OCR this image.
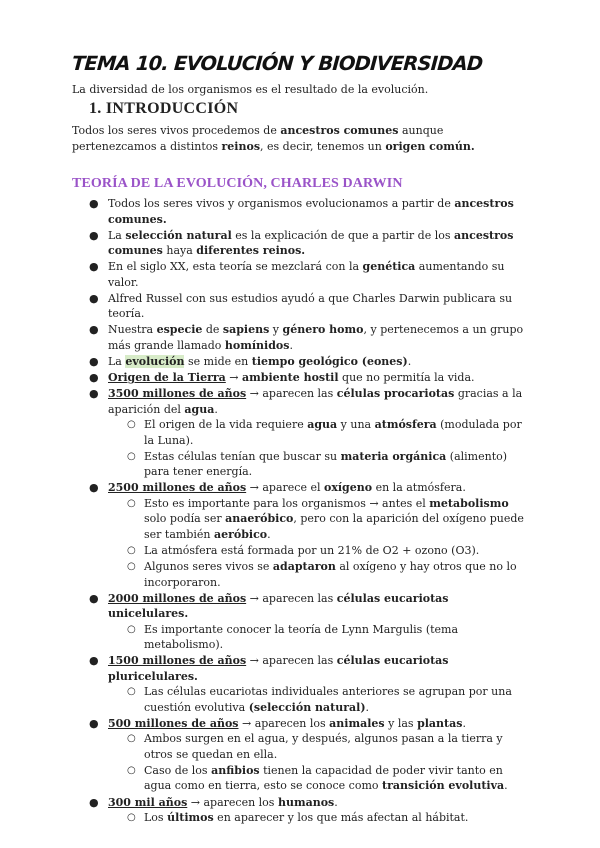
TEMA 10. EVOLUCIÓN Y BIODIVERSIDAD

La diversidad de los organismos es el resultado de la evolución.

1. INTRODUCCIÓN

Todos los seres vivos procedemos de ancestros comunes aunque pertenezcamos a distintos reinos, es decir, tenemos un origen común.

TEORÍA DE LA EVOLUCIÓN, CHARLES DARWIN
● Todos los seres vivos y organismos evolucionamos a partir de ancestros comunes.
● La selección natural es la explicación de que a partir de los ancestros comunes haya diferentes reinos.
● En el siglo XX, esta teoría se mezclará con la genética aumentando su valor.
● Alfred Russel con sus estudios ayudó a que Charles Darwin publicara su teoría.
● Nuestra especie de sapiens y género homo, y pertenecemos a un grupo más grande llamado homínidos.
● La evolución se mide en tiempo geológico (eones).
● Origen de la Tierra → ambiente hostil que no permitía la vida.
● 3500 millones de años → aparecen las células procariotas gracias a la aparición del agua.
○ El origen de la vida requiere agua y una atmósfera (modulada por la Luna).
○ Estas células tenían que buscar su materia orgánica (alimento) para tener energía.
● 2500 millones de años → aparece el oxígeno en la atmósfera.
○ Esto es importante para los organismos → antes el metabolismo solo podía ser anaeróbico, pero con la aparición del oxígeno puede ser también aeróbico.
○ La atmósfera está formada por un 21% de O2 + ozono (O3).
○ Algunos seres vivos se adaptaron al oxígeno y hay otros que no lo incorporaron.
● 2000 millones de años → aparecen las células eucariotas unicelulares.
○ Es importante conocer la teoría de Lynn Margulis (tema metabolismo).
● 1500 millones de años → aparecen las células eucariotas pluricelulares.
○ Las células eucariotas individuales anteriores se agrupan por una cuestión evolutiva (selección natural).
● 500 millones de años → aparecen los animales y las plantas.
○ Ambos surgen en el agua, y después, algunos pasan a la tierra y otros se quedan en ella.
○ Caso de los anfibios tienen la capacidad de poder vivir tanto en agua como en tierra, esto se conoce como transición evolutiva.
● 300 mil años → aparecen los humanos.
○ Los últimos en aparecer y los que más afectan al hábitat.
